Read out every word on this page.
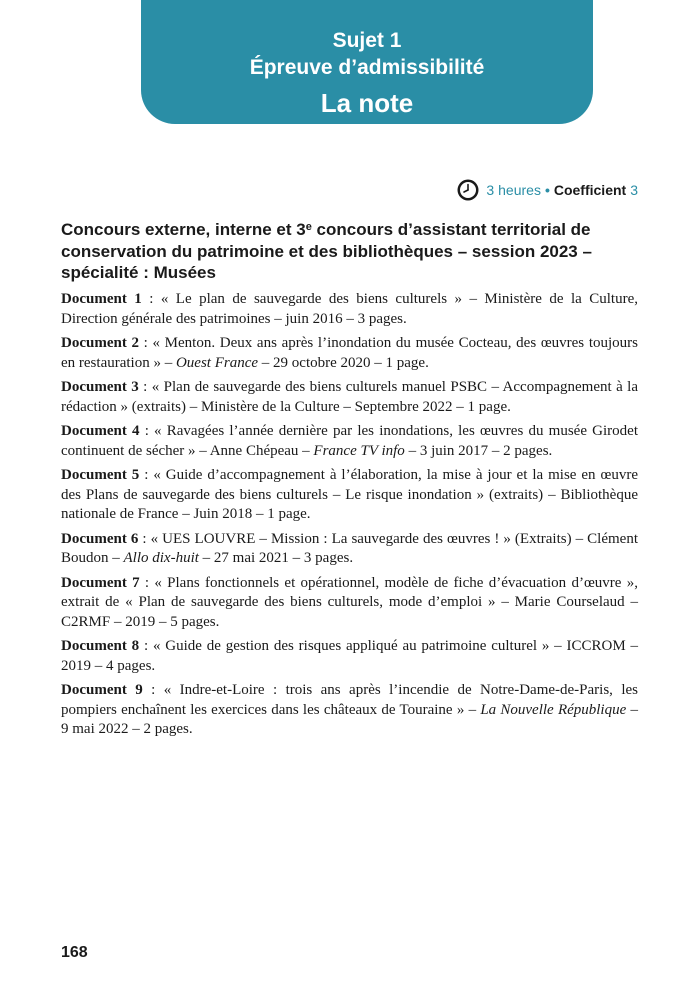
Sujet 1
Épreuve d’admissibilité
La note
3 heures • Coefficient 3
Concours externe, interne et 3e concours d’assistant territorial de conservation du patrimoine et des bibliothèques – session 2023 – spécialité : Musées

Document 1 : « Le plan de sauvegarde des biens culturels » – Ministère de la Culture, Direction générale des patrimoines – juin 2016 – 3 pages.

Document 2 : « Menton. Deux ans après l’inondation du musée Cocteau, des œuvres toujours en restauration » – Ouest France – 29 octobre 2020 – 1 page.

Document 3 : « Plan de sauvegarde des biens culturels manuel PSBC – Accompagnement à la rédaction » (extraits) – Ministère de la Culture – Septembre 2022 – 1 page.

Document 4 : « Ravagées l’année dernière par les inondations, les œuvres du musée Girodet continuent de sécher » – Anne Chépeau – France TV info – 3 juin 2017 – 2 pages.

Document 5 : « Guide d’accompagnement à l’élaboration, la mise à jour et la mise en œuvre des Plans de sauvegarde des biens culturels – Le risque inondation » (extraits) – Bibliothèque nationale de France – Juin 2018 – 1 page.

Document 6 : « UES LOUVRE – Mission : La sauvegarde des œuvres ! » (Extraits) – Clément Boudon – Allo dix-huit – 27 mai 2021 – 3 pages.

Document 7 : « Plans fonctionnels et opérationnel, modèle de fiche d’évacuation d’œuvre », extrait de « Plan de sauvegarde des biens culturels, mode d’emploi » – Marie Courselaud – C2RMF – 2019 – 5 pages.

Document 8 : « Guide de gestion des risques appliqué au patrimoine culturel » – ICCROM – 2019 – 4 pages.

Document 9 : « Indre-et-Loire : trois ans après l’incendie de Notre-Dame-de-Paris, les pompiers enchaînent les exercices dans les châteaux de Touraine » – La Nouvelle République – 9 mai 2022 – 2 pages.

168
